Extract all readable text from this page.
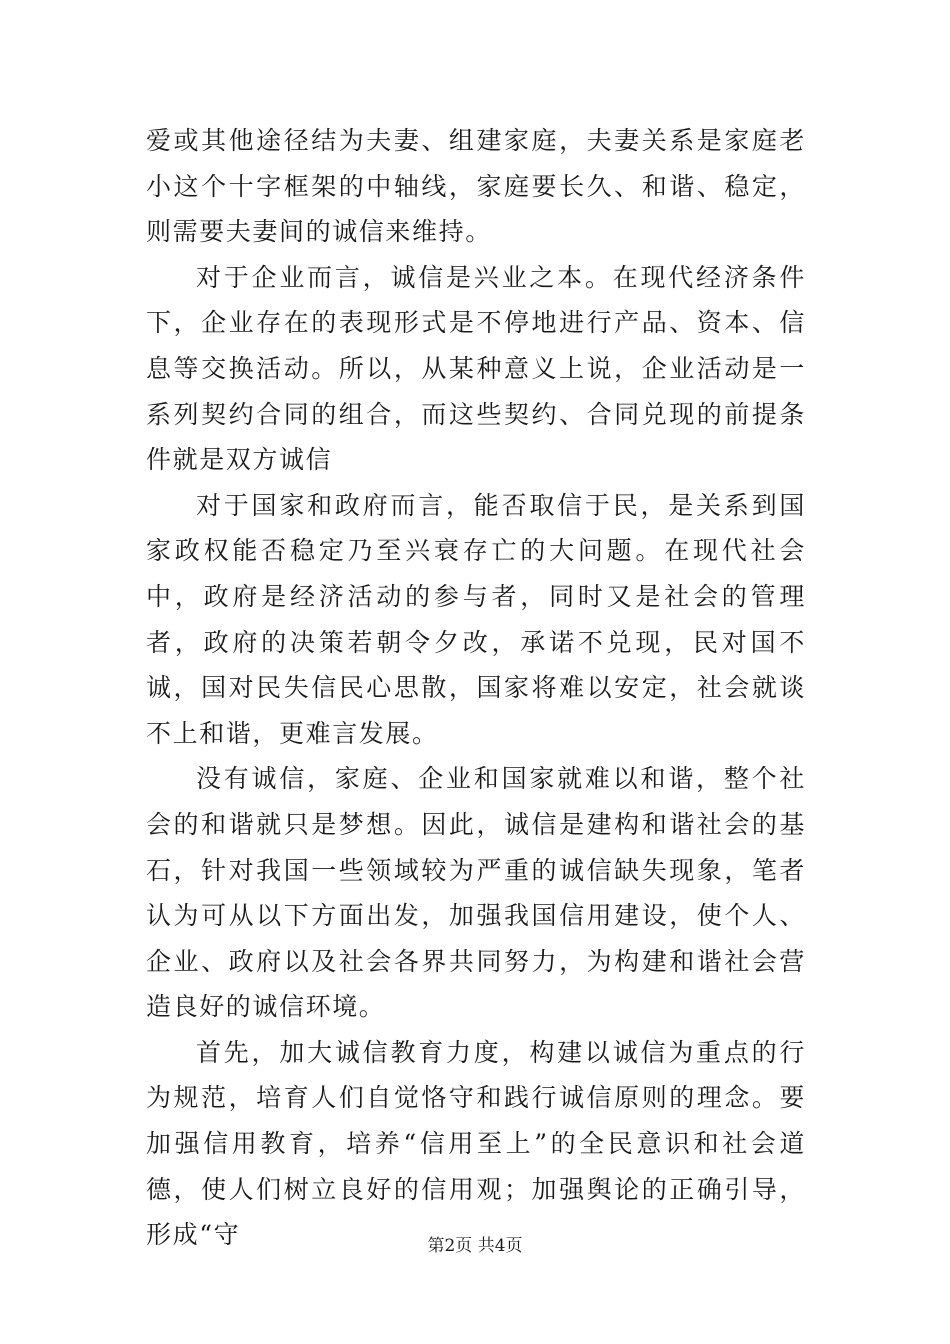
爱或其他途径结为夫妻、组建家庭，夫妻关系是家庭老小这个十字框架的中轴线，家庭要长久、和谐、稳定，则需要夫妻间的诚信来维持。

对于企业而言，诚信是兴业之本。在现代经济条件下，企业存在的表现形式是不停地进行产品、资本、信息等交换活动。所以，从某种意义上说，企业活动是一系列契约合同的组合，而这些契约、合同兑现的前提条件就是双方诚信

对于国家和政府而言，能否取信于民，是关系到国家政权能否稳定乃至兴衰存亡的大问题。在现代社会中，政府是经济活动的参与者，同时又是社会的管理者，政府的决策若朝令夕改，承诺不兑现，民对国不诚，国对民失信民心思散，国家将难以安定，社会就谈不上和谐，更难言发展。

没有诚信，家庭、企业和国家就难以和谐，整个社会的和谐就只是梦想。因此，诚信是建构和谐社会的基石，针对我国一些领域较为严重的诚信缺失现象，笔者认为可从以下方面出发，加强我国信用建设，使个人、企业、政府以及社会各界共同努力，为构建和谐社会营造良好的诚信环境。

首先，加大诚信教育力度，构建以诚信为重点的行为规范，培育人们自觉恪守和践行诚信原则的理念。要加强信用教育，培养“信用至上”的全民意识和社会道德，使人们树立良好的信用观；加强舆论的正确引导，形成“守	第2页 共4页
